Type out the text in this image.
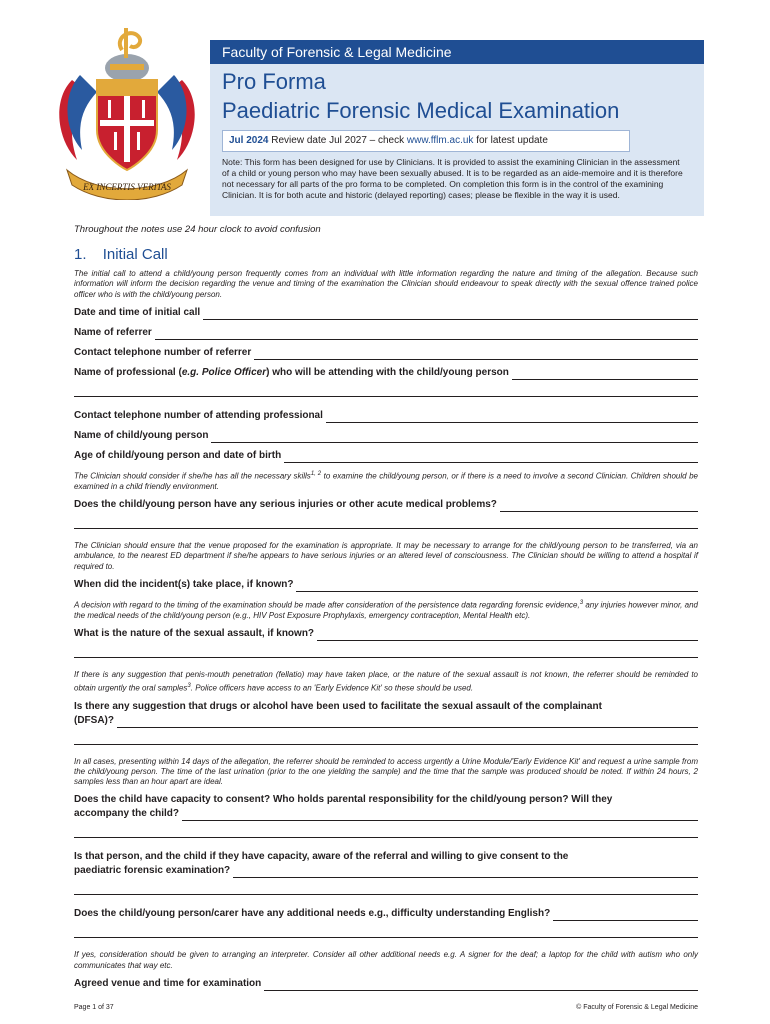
EX INCERTIS VERITAS
Faculty of Forensic & Legal Medicine
Pro Forma
Paediatric Forensic Medical Examination
Jul 2024 Review date Jul 2027 – check www.fflm.ac.uk for latest update
Note: This form has been designed for use by Clinicians. It is provided to assist the examining Clinician in the assessment of a child or young person who may have been sexually abused. It is to be regarded as an aide-memoire and it is therefore not necessary for all parts of the pro forma to be completed. On completion this form is in the control of the examining Clinician. It is for both acute and historic (delayed reporting) cases; please be flexible in the way it is used.

Throughout the notes use 24 hour clock to avoid confusion

1. Initial Call

The initial call to attend a child/young person frequently comes from an individual with little information regarding the nature and timing of the allegation. Because such information will inform the decision regarding the venue and timing of the examination the Clinician should endeavour to speak directly with the sexual offence trained police officer who is with the child/young person.

Date and time of initial call
Name of referrer
Contact telephone number of referrer
Name of professional (e.g. Police Officer) who will be attending with the child/young person
Contact telephone number of attending professional
Name of child/young person
Age of child/young person and date of birth

The Clinician should consider if she/he has all the necessary skills$^{1, 2}$ to examine the child/young person, or if there is a need to involve a second Clinician. Children should be examined in a child friendly environment.

Does the child/young person have any serious injuries or other acute medical problems?

The Clinician should ensure that the venue proposed for the examination is appropriate. It may be necessary to arrange for the child/young person to be transferred, via an ambulance, to the nearest ED department if she/he appears to have serious injuries or an altered level of consciousness. The Clinician should be willing to attend a hospital if required to.

When did the incident(s) take place, if known?

A decision with regard to the timing of the examination should be made after consideration of the persistence data regarding forensic evidence,$^3$ any injuries however minor, and the medical needs of the child/young person (e.g., HIV Post Exposure Prophylaxis, emergency contraception, Mental Health etc).

What is the nature of the sexual assault, if known?

If there is any suggestion that penis-mouth penetration (fellatio) may have taken place, or the nature of the sexual assault is not known, the referrer should be reminded to obtain urgently the oral samples$^3$. Police officers have access to an 'Early Evidence Kit' so these should be used.

Is there any suggestion that drugs or alcohol have been used to facilitate the sexual assault of the complainant
(DFSA)?

In all cases, presenting within 14 days of the allegation, the referrer should be reminded to access urgently a Urine Module/'Early Evidence Kit' and request a urine sample from the child/young person. The time of the last urination (prior to the one yielding the sample) and the time that the sample was produced should be noted. If within 24 hours, 2 samples less than an hour apart are ideal.

Does the child have capacity to consent? Who holds parental responsibility for the child/young person? Will they
accompany the child?
Is that person, and the child if they have capacity, aware of the referral and willing to give consent to the
paediatric forensic examination?
Does the child/young person/carer have any additional needs e.g., difficulty understanding English?

If yes, consideration should be given to arranging an interpreter. Consider all other additional needs e.g. A signer for the deaf; a laptop for the child with autism who only communicates that way etc.

Agreed venue and time for examination
Page 1 of 37	© Faculty of Forensic & Legal Medicine
